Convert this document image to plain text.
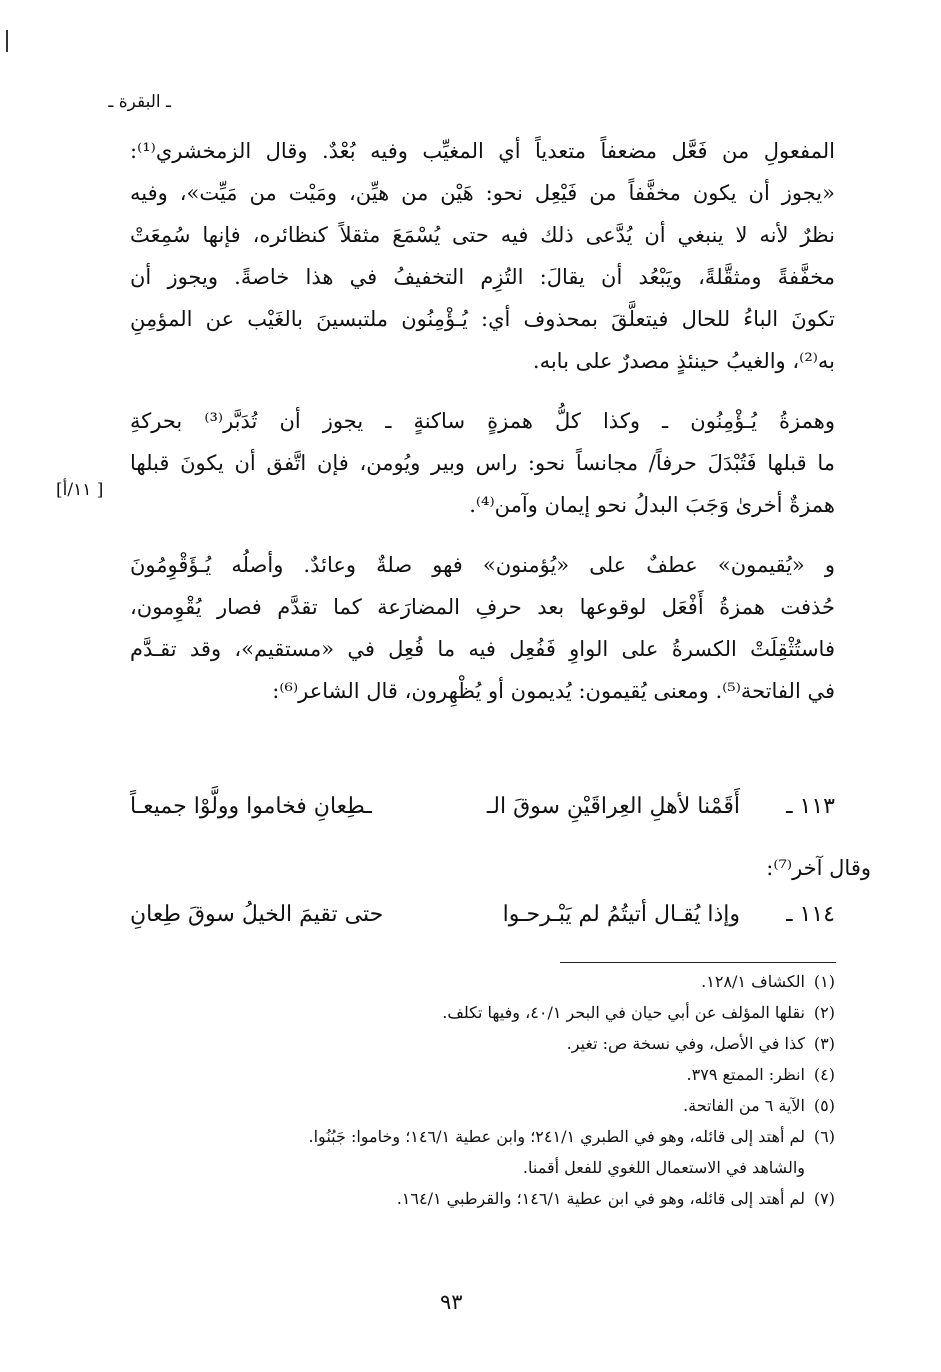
ـ البقرة ـ
المفعولِ من فَعَّل مضعفاً متعدياً أي المغيِّب وفيه بُعْدٌ. وقال الزمخشري⁽¹⁾:
«يجوز أن يكون مخفَّفاً من فَيْعِل نحو: هَيْن من هيِّن، ومَيْت من مَيِّت»، وفيه
نظرٌ لأنه لا ينبغي أن يُدَّعى ذلك فيه حتى يُسْمَعَ مثقلاً كنظائره، فإنها سُمِعَتْ
مخفَّفةً ومثقَّلةً، ويَبْعُد أن يقالَ: التُزِم التخفيفُ في هذا خاصةً. ويجوز أن
تكونَ الباءُ للحال فيتعلَّقَ بمحذوف أي: يُـؤْمِنُون ملتبسينَ بالغَيْب عن المؤمِنِ
به⁽²⁾، والغيبُ حينئذٍ مصدرٌ على بابه.
وهمزةُ يُـؤْمِنُون ـ وكذا كلُّ همزةٍ ساكنةٍ ـ يجوز أن تُدَبَّر⁽³⁾ بحركةِ
ما قبلها فَتُبْدَلَ حرفاً/ مجانساً نحو: راس وبير ويُومن، فإن اتَّفق أن يكونَ قبلها
همزةٌ أخرىٰ وَجَبَ البدلُ نحو إيمان وآمن⁽⁴⁾.
و «يُقيمون» عطفٌ على «يُؤمنون» فهو صلةٌ وعائدٌ. وأصلُه يُـؤَقْوِمُونَ
حُذفت همزةُ أَفْعَل لوقوعها بعد حرفِ المضارَعة كما تقدَّم فصار يُقْوِمون،
فاستُثْقِلَتْ الكسرةُ على الواوِ فَفُعِل فيه ما فُعِل في «مستقيم»، وقد تقـدَّم
في الفاتحة⁽⁵⁾. ومعنى يُقيمون: يُديمون أو يُظْهِرون، قال الشاعر⁽⁶⁾:
[ ١١/أ]
١١٣ ـ
أَقَمْنا لأهلِ العِراقَيْنِ سوقَ الـ
ـطِعانِ فخاموا وولَّوْا جميعـاً
وقال آخر⁽⁷⁾:
١١٤ ـ
وإذا يُقـال أتيتُمُ لم يَبْـرحـوا
حتى تقيمَ الخيلُ سوقَ طِعانِ
(١)الكشاف ١٢٨/١.
(٢)نقلها المؤلف عن أبي حيان في البحر ٤٠/١، وفيها تكلف.
(٣)كذا في الأصل، وفي نسخة ص: تغير.
(٤)انظر: الممتع ٣٧٩.
(٥)الآية ٦ من الفاتحة.
(٦)لم أهتد إلى قائله، وهو في الطبري ٢٤١/١؛ وابن عطية ١٤٦/١؛ وخاموا: جَبُنُوا.
والشاهد في الاستعمال اللغوي للفعل أقمنا.
(٧)لم أهتد إلى قائله، وهو في ابن عطية ١٤٦/١؛ والقرطبي ١٦٤/١.
٩٣
